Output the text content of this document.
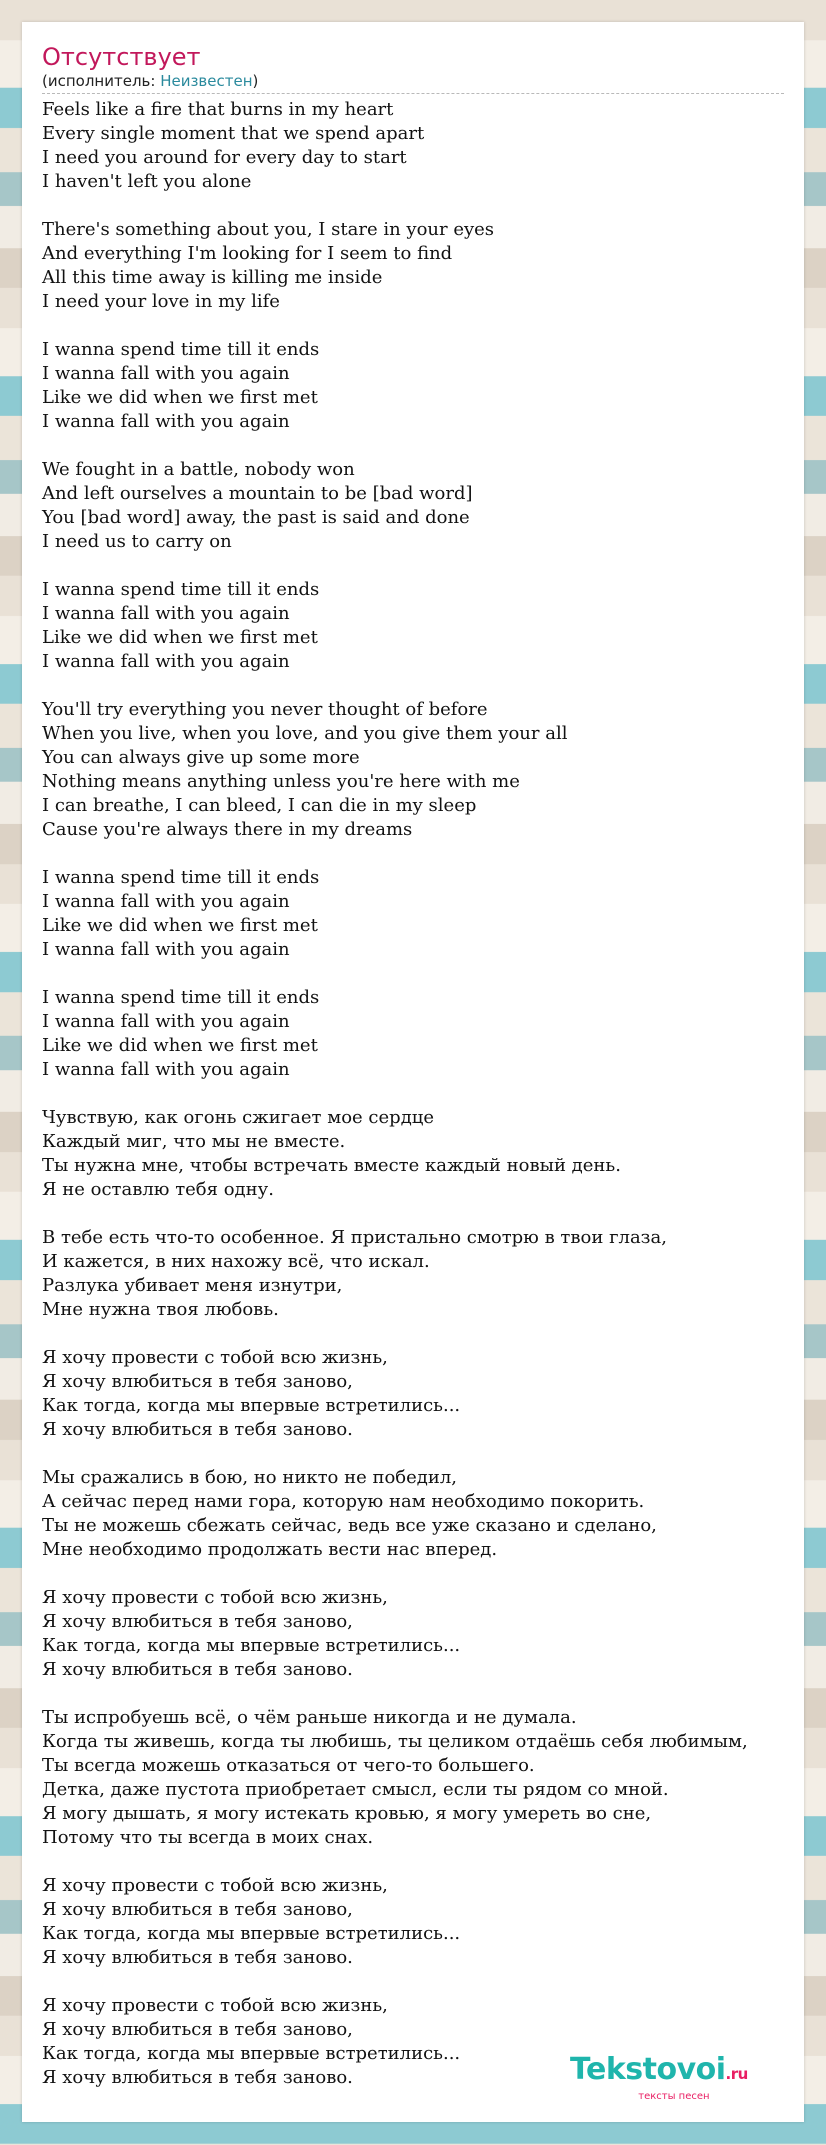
Отсутствует
(исполнитель: Неизвестен)
Feels like a fire that burns in my heart
Every single moment that we spend apart
I need you around for every day to start
I haven't left you alone
There's something about you, I stare in your eyes
And everything I'm looking for I seem to find
All this time away is killing me inside
I need your love in my life
I wanna spend time till it ends
I wanna fall with you again
Like we did when we first met
I wanna fall with you again
We fought in a battle, nobody won
And left ourselves a mountain to be [bad word]
You [bad word] away, the past is said and done
I need us to carry on
I wanna spend time till it ends
I wanna fall with you again
Like we did when we first met
I wanna fall with you again
You'll try everything you never thought of before
When you live, when you love, and you give them your all
You can always give up some more
Nothing means anything unless you're here with me
I can breathe, I can bleed, I can die in my sleep
Cause you're always there in my dreams
I wanna spend time till it ends
I wanna fall with you again
Like we did when we first met
I wanna fall with you again
I wanna spend time till it ends
I wanna fall with you again
Like we did when we first met
I wanna fall with you again
Чувствую, как огонь сжигает мое сердце
Каждый миг, что мы не вместе.
Ты нужна мне, чтобы встречать вместе каждый новый день.
Я не оставлю тебя одну.
В тебе есть что-то особенное. Я пристально смотрю в твои глаза,
И кажется, в них нахожу всё, что искал.
Разлука убивает меня изнутри,
Мне нужна твоя любовь.
Я хочу провести с тобой всю жизнь,
Я хочу влюбиться в тебя заново,
Как тогда, когда мы впервые встретились...
Я хочу влюбиться в тебя заново.
Мы сражались в бою, но никто не победил,
А сейчас перед нами гора, которую нам необходимо покорить.
Ты не можешь сбежать сейчас, ведь все уже сказано и сделано,
Мне необходимо продолжать вести нас вперед.
Я хочу провести с тобой всю жизнь,
Я хочу влюбиться в тебя заново,
Как тогда, когда мы впервые встретились...
Я хочу влюбиться в тебя заново.
Ты испробуешь всё, о чём раньше никогда и не думала.
Когда ты живешь, когда ты любишь, ты целиком отдаёшь себя любимым,
Ты всегда можешь отказаться от чего-то большего.
Детка, даже пустота приобретает смысл, если ты рядом со мной.
Я могу дышать, я могу истекать кровью, я могу умереть во сне,
Потому что ты всегда в моих снах.
Я хочу провести с тобой всю жизнь,
Я хочу влюбиться в тебя заново,
Как тогда, когда мы впервые встретились...
Я хочу влюбиться в тебя заново.
Я хочу провести с тобой всю жизнь,
Я хочу влюбиться в тебя заново,
Как тогда, когда мы впервые встретились...
Я хочу влюбиться в тебя заново.	Tekstovoi.ru
тексты песен
